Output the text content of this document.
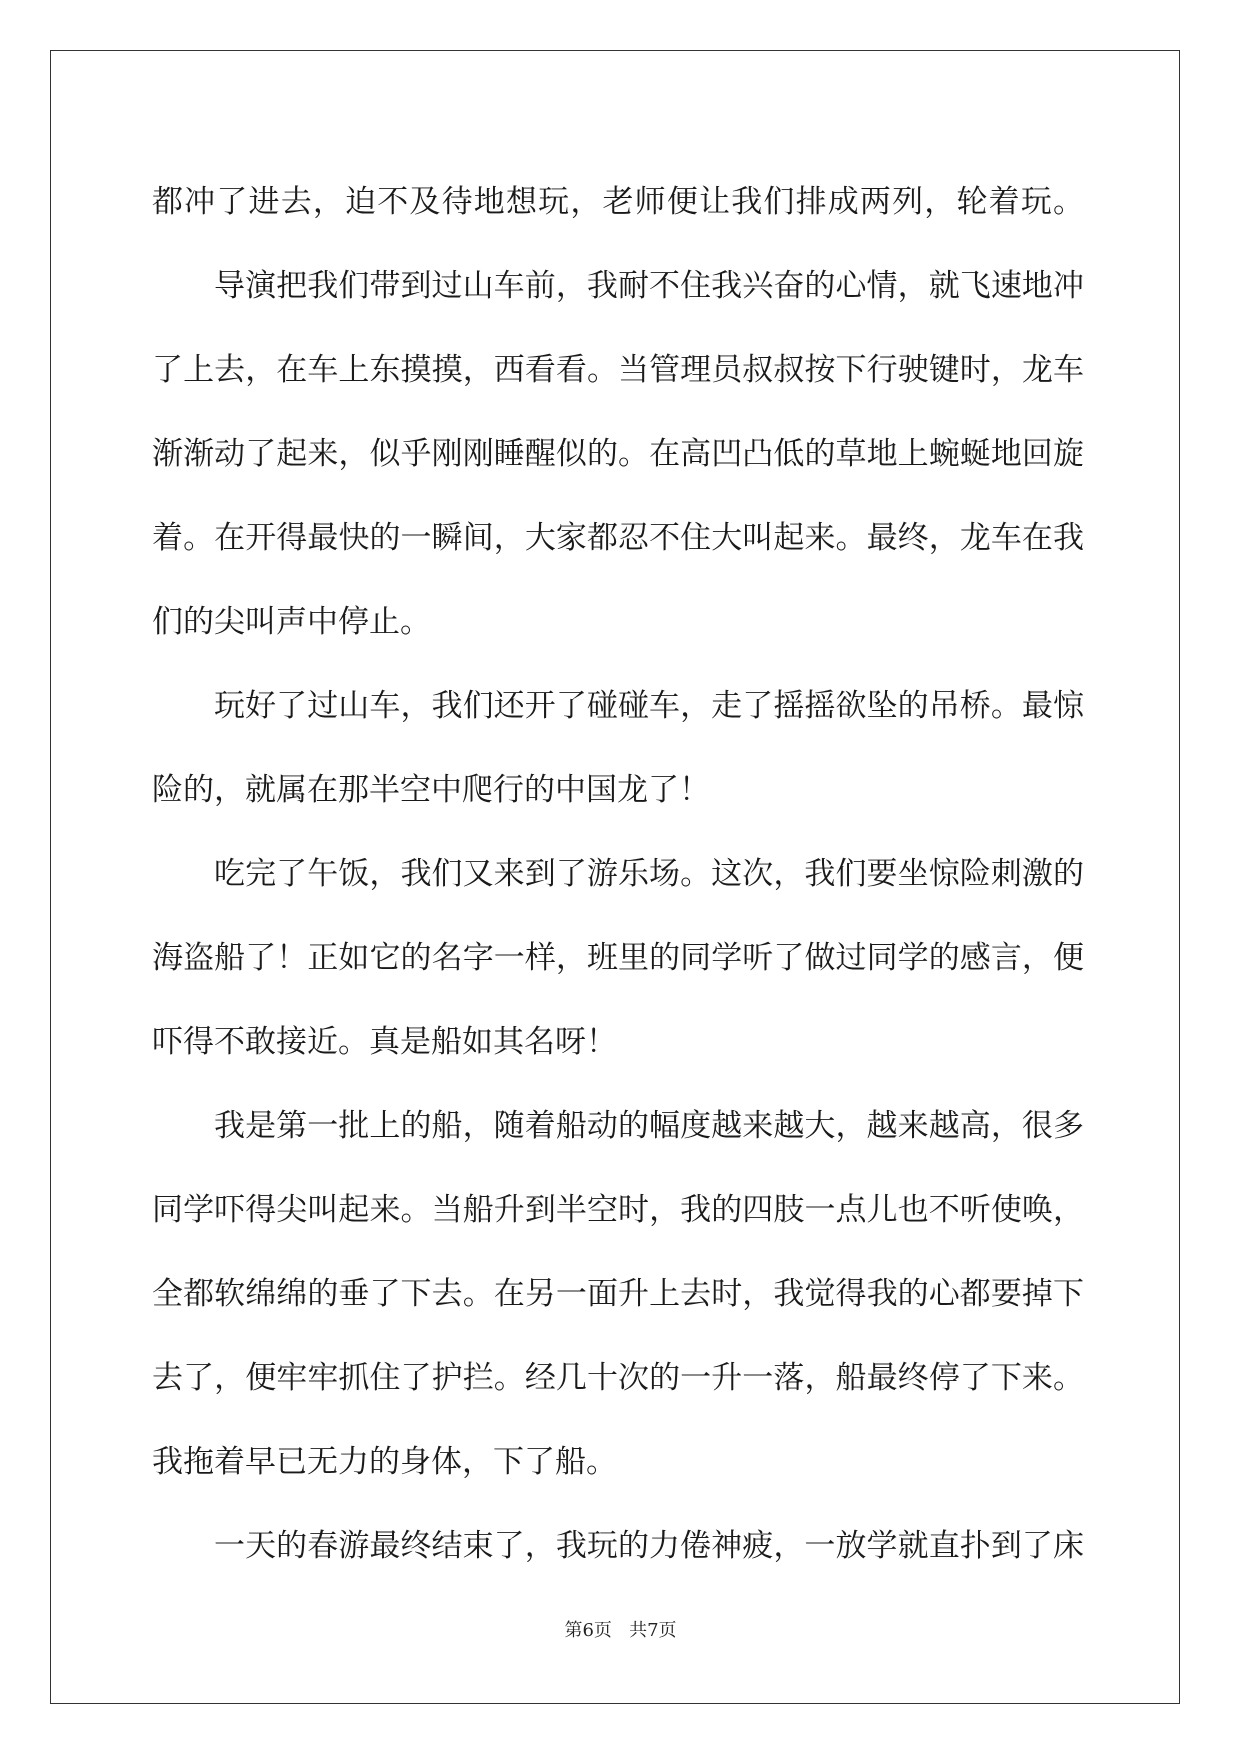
都冲了进去，迫不及待地想玩，老师便让我们排成两列，轮着玩。
导演把我们带到过山车前，我耐不住我兴奋的心情，就飞速地冲
了上去，在车上东摸摸，西看看。当管理员叔叔按下行驶键时，龙车
渐渐动了起来，似乎刚刚睡醒似的。在高凹凸低的草地上蜿蜒地回旋
着。在开得最快的一瞬间，大家都忍不住大叫起来。最终，龙车在我
们的尖叫声中停止。
玩好了过山车，我们还开了碰碰车，走了摇摇欲坠的吊桥。最惊
险的，就属在那半空中爬行的中国龙了！
吃完了午饭，我们又来到了游乐场。这次，我们要坐惊险刺激的
海盗船了！正如它的名字一样，班里的同学听了做过同学的感言，便
吓得不敢接近。真是船如其名呀！
我是第一批上的船，随着船动的幅度越来越大，越来越高，很多
同学吓得尖叫起来。当船升到半空时，我的四肢一点儿也不听使唤，
全都软绵绵的垂了下去。在另一面升上去时，我觉得我的心都要掉下
去了，便牢牢抓住了护拦。经几十次的一升一落，船最终停了下来。
我拖着早已无力的身体，下了船。
一天的春游最终结束了，我玩的力倦神疲，一放学就直扑到了床
第6页 共7页
